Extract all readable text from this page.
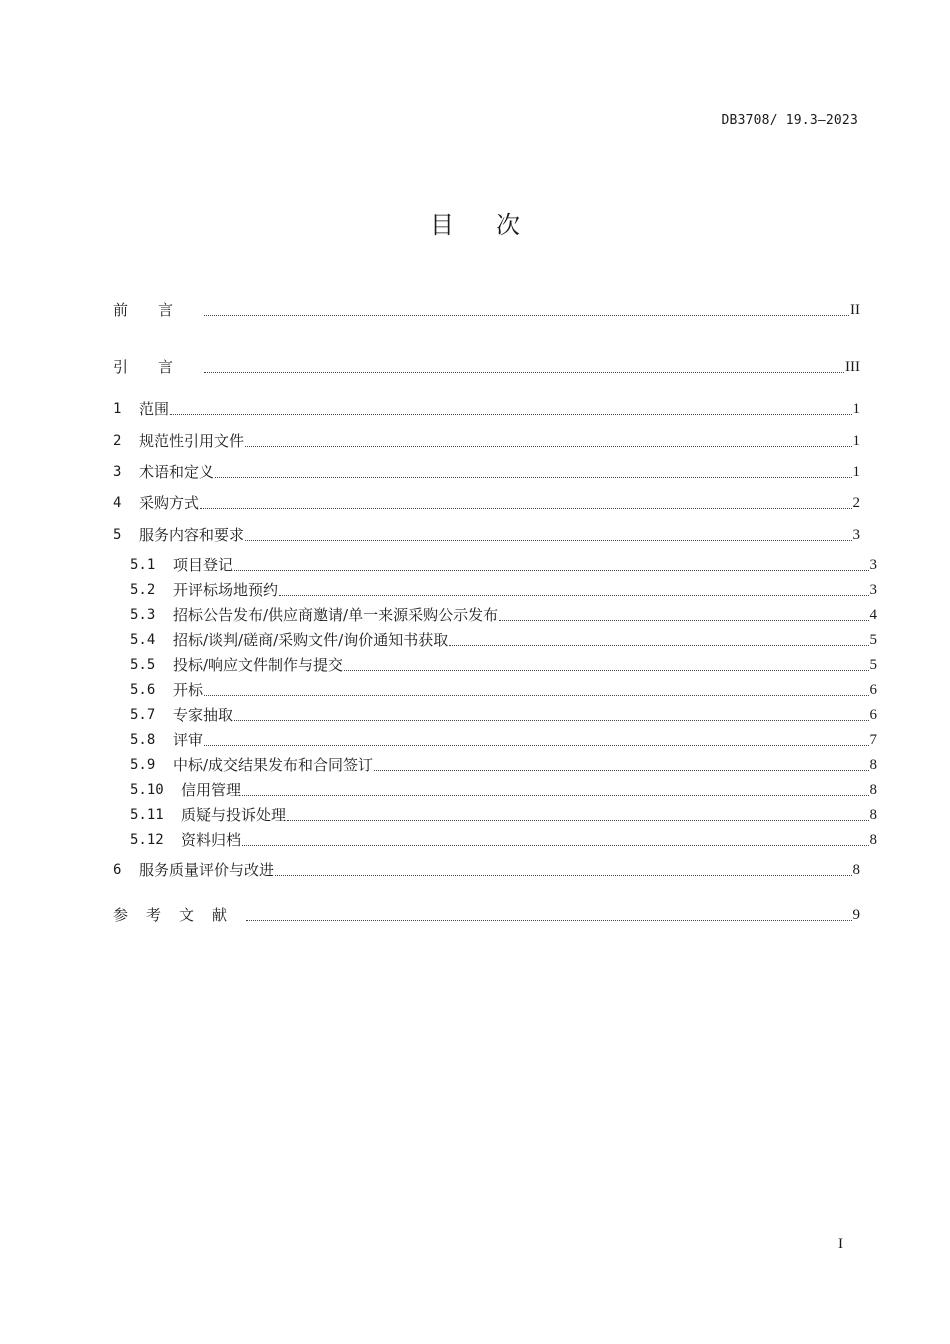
DB3708/ 19.3—2023
目次
前言	II
引言	III
1	范围	1
2	规范性引用文件	1
3	术语和定义	1
4	采购方式	2
5	服务内容和要求	3
5.1	项目登记	3
5.2	开评标场地预约	3
5.3	招标公告发布/供应商邀请/单一来源采购公示发布	4
5.4	招标/谈判/磋商/采购文件/询价通知书获取	5
5.5	投标/响应文件制作与提交	5
5.6	开标	6
5.7	专家抽取	6
5.8	评审	7
5.9	中标/成交结果发布和合同签订	8
5.10	信用管理	8
5.11	质疑与投诉处理	8
5.12	资料归档	8
6	服务质量评价与改进	8
参考文献	9
I
